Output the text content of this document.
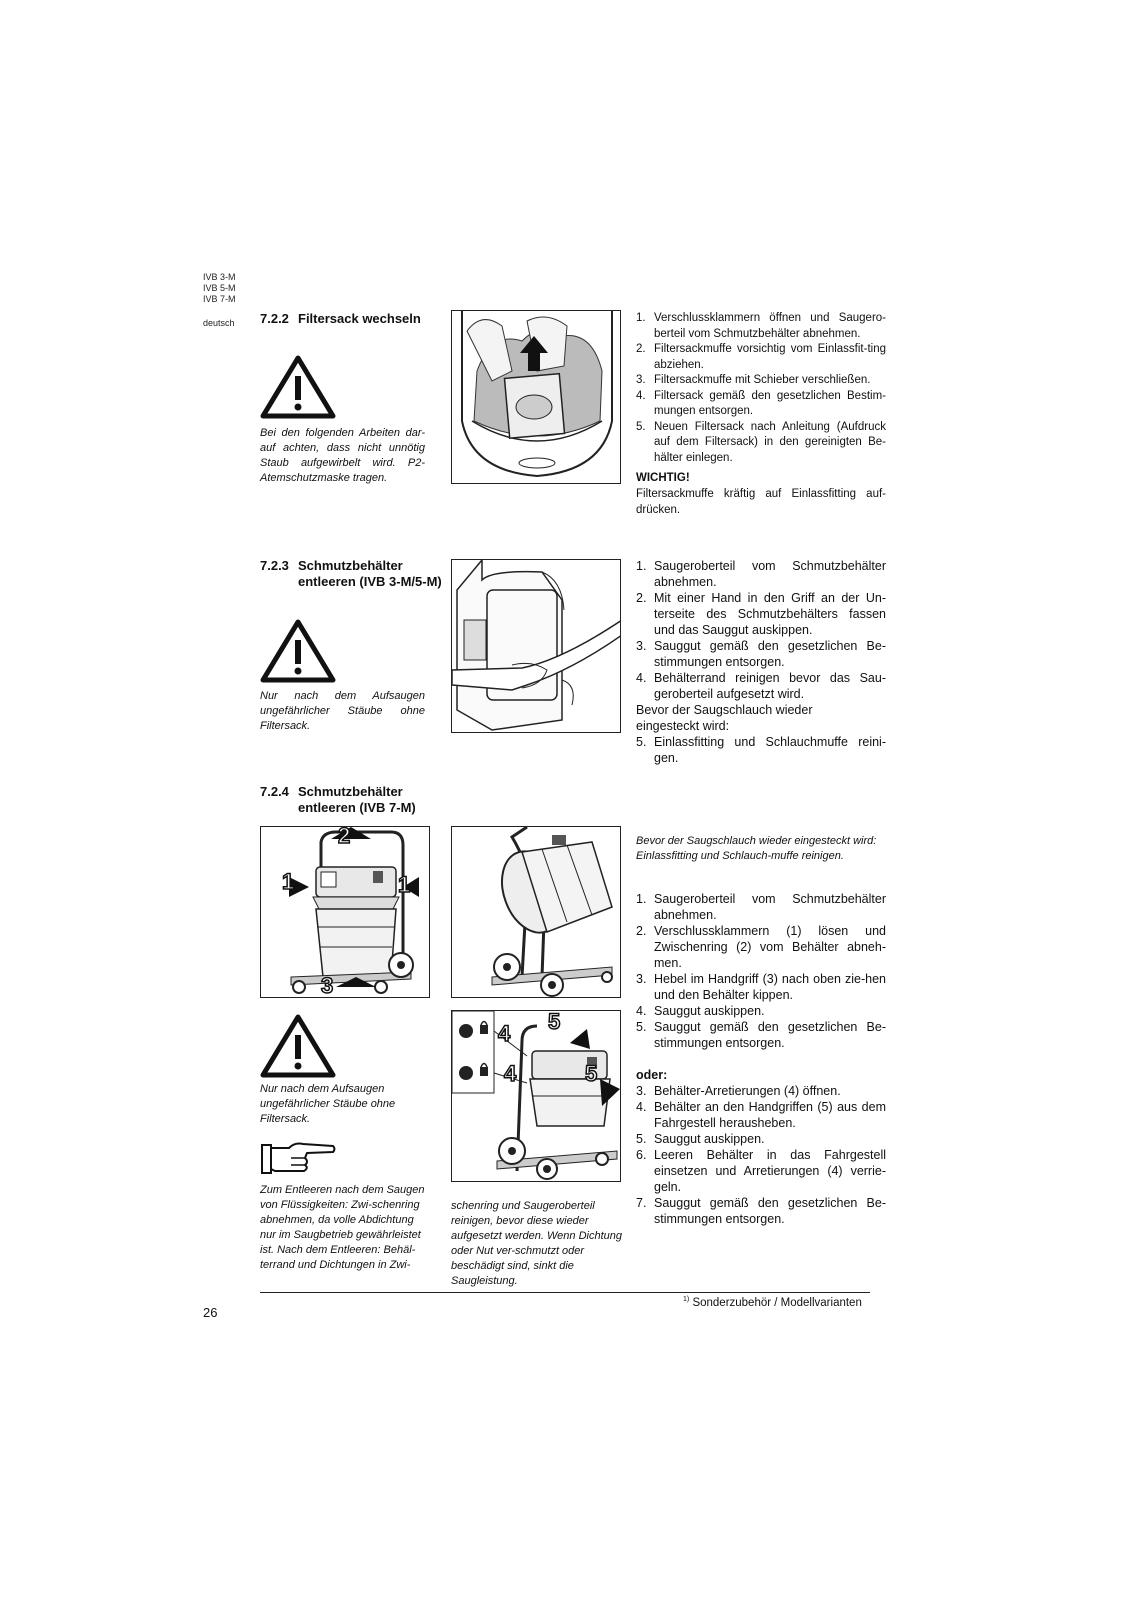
IVB 3-M
IVB 5-M
IVB 7-M
deutsch 7.2.2 Filtersack wechseln
Bei den folgenden Arbeiten dar-auf achten, dass nicht unnötig Staub aufgewirbelt wird. P2-Atemschutzmaske tragen.
1. Verschlussklammern öffnen und Saugero-berteil vom Schmutzbehälter abnehmen.
2. Filtersackmuffe vorsichtig vom Einlassfit-ting abziehen.
3. Filtersackmuffe mit Schieber verschließen.
4. Filtersack gemäß den gesetzlichen Bestim-mungen entsorgen.
5. Neuen Filtersack nach Anleitung (Aufdruck auf dem Filtersack) in den gereinigten Be-hälter einlegen.
WICHTIG!
Filtersackmuffe kräftig auf Einlassfitting auf-drücken.
7.2.3 Schmutzbehälter
entleeren (IVB 3-M/5-M)
Nur nach dem Aufsaugen ungefährlicher Stäube ohne Filtersack.
1. Saugeroberteil vom Schmutzbehälter abnehmen.
2. Mit einer Hand in den Griff an der Un-terseite des Schmutzbehälters fassen und das Sauggut auskippen.
3. Sauggut gemäß den gesetzlichen Be-stimmungen entsorgen.
4. Behälterrand reinigen bevor das Sau-geroberteil aufgesetzt wird.
Bevor der Saugschlauch wieder eingesteckt wird:
5. Einlassfitting und Schlauchmuffe reini-gen.
7.2.4 Schmutzbehälter
entleeren (IVB 7-M)
1
2
1
3
4 5
4	5
Nur nach dem Aufsaugen ungefährlicher Stäube ohne Filtersack.
Zum Entleeren nach dem Saugen von Flüssigkeiten: Zwi-schenring abnehmen, da volle Abdichtung nur im Saugbetrieb gewährleistet ist. Nach dem Entleeren: Behäl-terrand und Dichtungen in Zwi-
schenring und Saugeroberteil reinigen, bevor diese wieder aufgesetzt werden. Wenn Dichtung oder Nut ver-schmutzt oder beschädigt sind, sinkt die Saugleistung.
Bevor der Saugschlauch wieder eingesteckt wird: Einlassfitting und Schlauch-muffe reinigen.
1. Saugeroberteil vom Schmutzbehälter abnehmen.
2. Verschlussklammern (1) lösen und Zwischenring (2) vom Behälter abneh-men.
3. Hebel im Handgriff (3) nach oben zie-hen und den Behälter kippen.
4. Sauggut auskippen.
5. Sauggut gemäß den gesetzlichen Be-stimmungen entsorgen.
oder:
3. Behälter-Arretierungen (4) öffnen.
4. Behälter an den Handgriffen (5) aus dem Fahrgestell herausheben.
5. Sauggut auskippen.
6. Leeren Behälter in das Fahrgestell einsetzen und Arretierungen (4) verrie-geln.
7. Sauggut gemäß den gesetzlichen Be-stimmungen entsorgen.
$^{1)}$ Sonderzubehör / Modellvarianten
26
